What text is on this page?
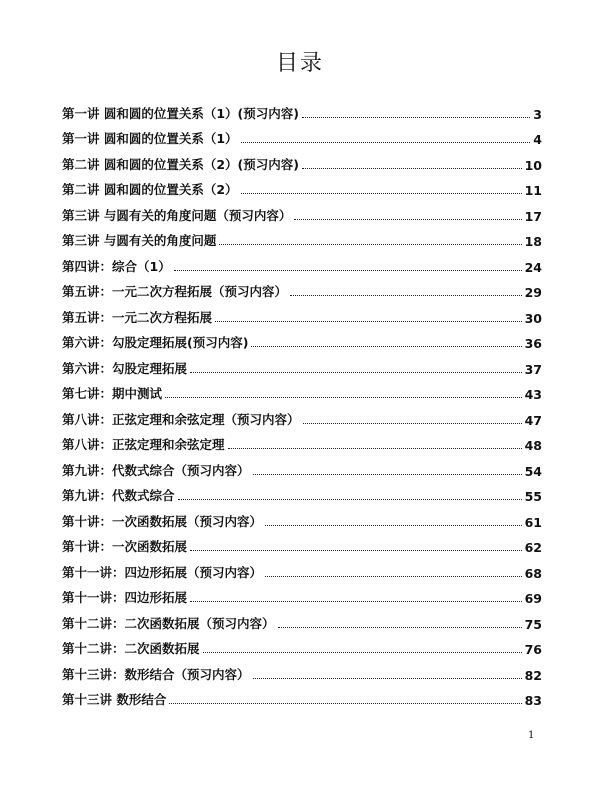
目录
第一讲 圆和圆的位置关系（1）(预习内容)	3
第一讲 圆和圆的位置关系（1）	4
第二讲 圆和圆的位置关系（2）(预习内容)	10
第二讲 圆和圆的位置关系（2）	11
第三讲 与圆有关的角度问题（预习内容）	17
第三讲 与圆有关的角度问题	18
第四讲：综合（1）	24
第五讲：一元二次方程拓展（预习内容）	29
第五讲：一元二次方程拓展	30
第六讲：勾股定理拓展(预习内容)	36
第六讲：勾股定理拓展	37
第七讲：期中测试	43
第八讲：正弦定理和余弦定理（预习内容）	47
第八讲：正弦定理和余弦定理	48
第九讲：代数式综合（预习内容）	54
第九讲：代数式综合	55
第十讲：一次函数拓展（预习内容）	61
第十讲：一次函数拓展	62
第十一讲：四边形拓展（预习内容）	68
第十一讲：四边形拓展	69
第十二讲：二次函数拓展（预习内容）	75
第十二讲：二次函数拓展	76
第十三讲：数形结合（预习内容）	82
第十三讲 数形结合	83
1
